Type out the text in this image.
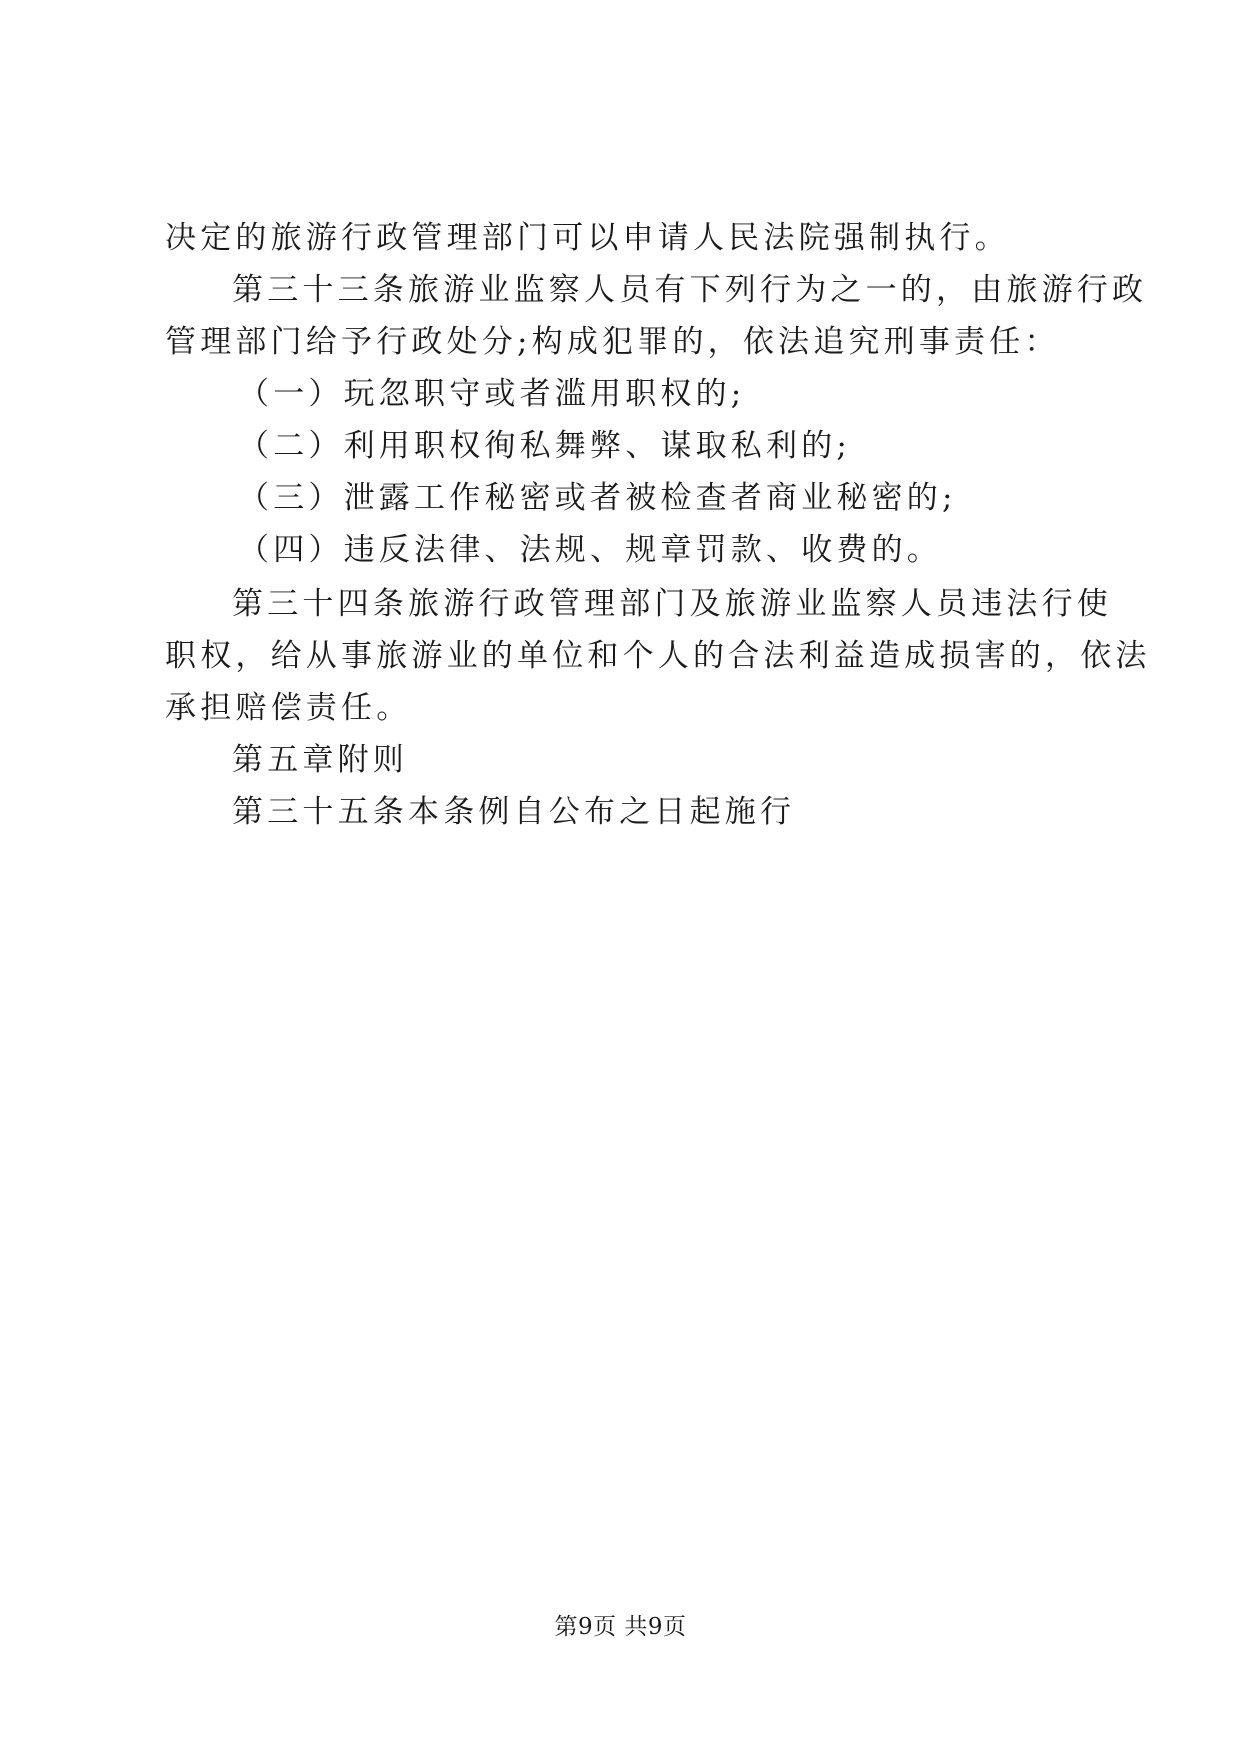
决定的旅游行政管理部门可以申请人民法院强制执行。
第三十三条旅游业监察人员有下列行为之一的，由旅游行政
管理部门给予行政处分;构成犯罪的，依法追究刑事责任：
（一）玩忽职守或者滥用职权的;
（二）利用职权徇私舞弊、谋取私利的;
（三）泄露工作秘密或者被检查者商业秘密的;
（四）违反法律、法规、规章罚款、收费的。
第三十四条旅游行政管理部门及旅游业监察人员违法行使
职权，给从事旅游业的单位和个人的合法利益造成损害的，依法
承担赔偿责任。
第五章附则
第三十五条本条例自公布之日起施行
第9页 共9页
